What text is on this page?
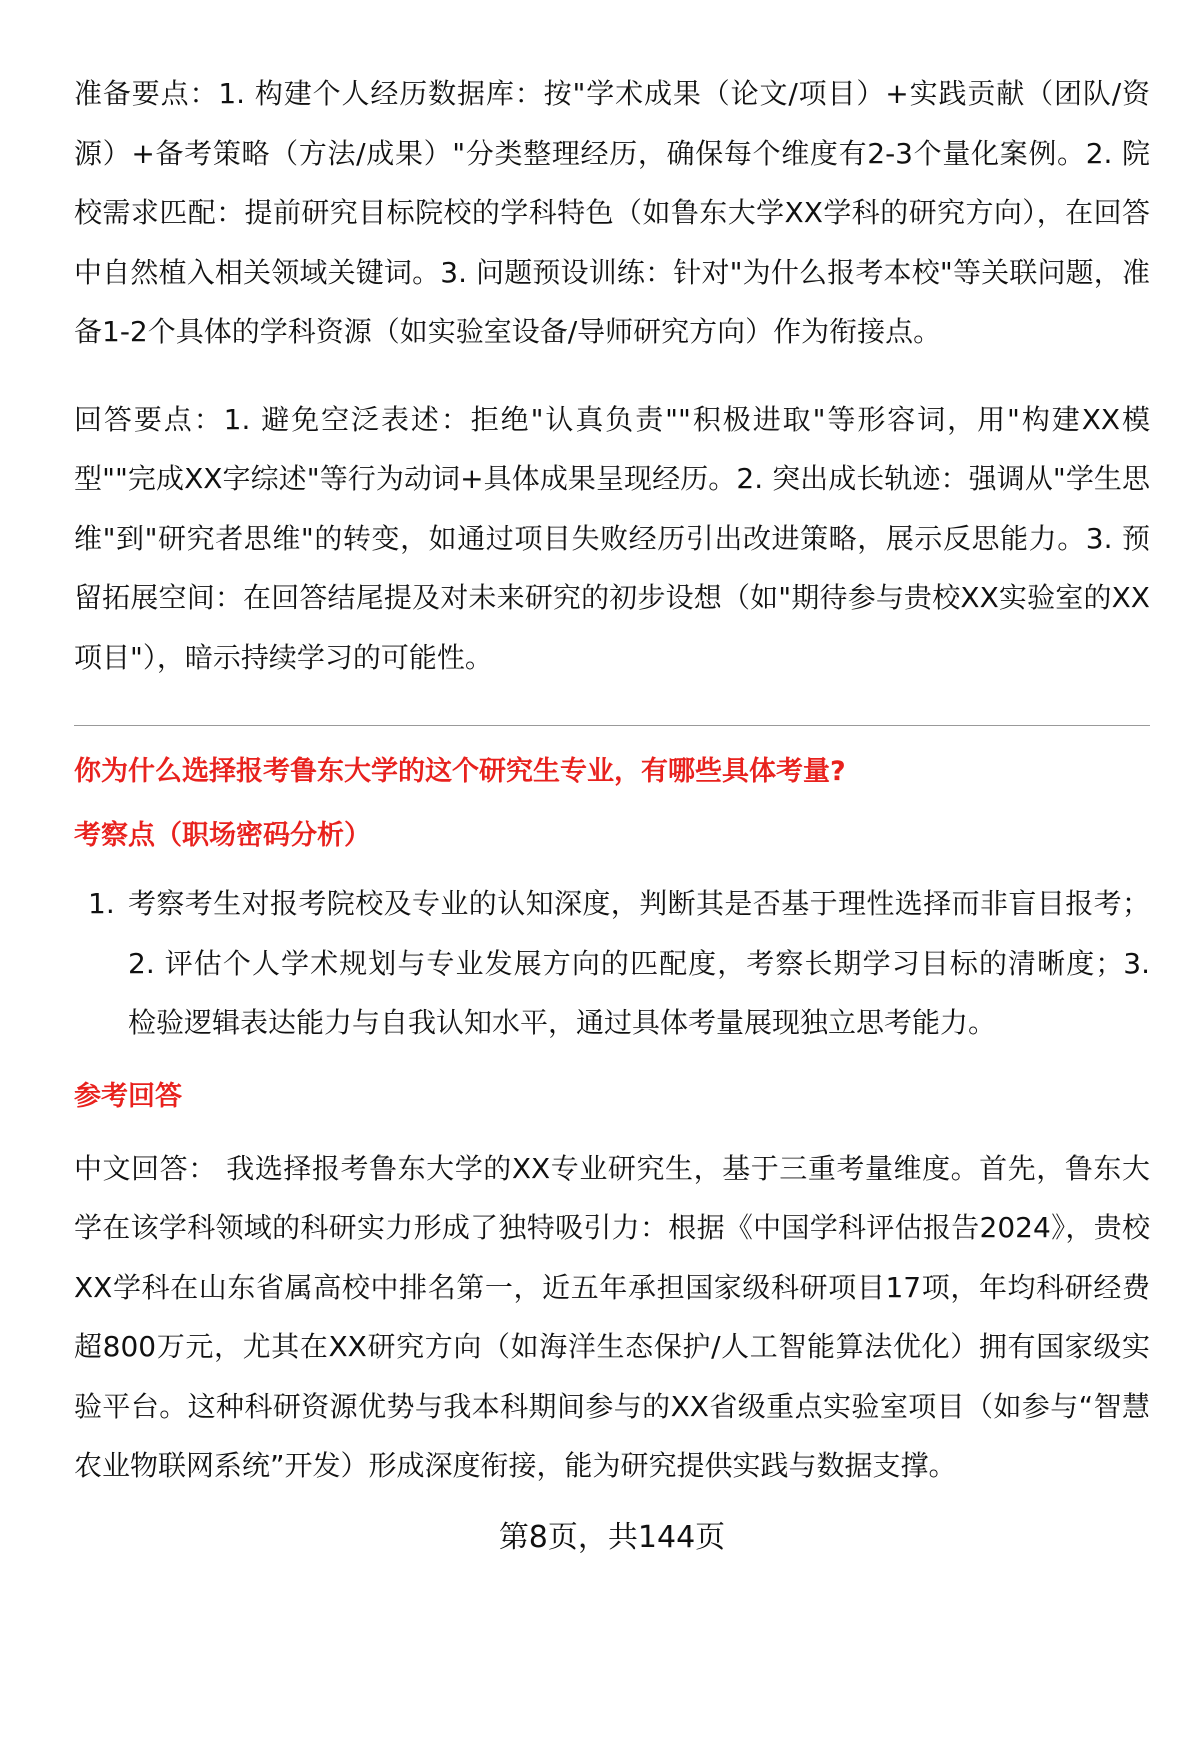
准备要点：1. 构建个人经历数据库：按"学术成果（论文/项目）+实践贡献（团队/资源）+备考策略（方法/成果）"分类整理经历，确保每个维度有2-3个量化案例。2. 院校需求匹配：提前研究目标院校的学科特色（如鲁东大学XX学科的研究方向），在回答中自然植入相关领域关键词。3. 问题预设训练：针对"为什么报考本校"等关联问题，准备1-2个具体的学科资源（如实验室设备/导师研究方向）作为衔接点。

回答要点：1. 避免空泛表述：拒绝"认真负责""积极进取"等形容词，用"构建XX模型""完成XX字综述"等行为动词+具体成果呈现经历。2. 突出成长轨迹：强调从"学生思维"到"研究者思维"的转变，如通过项目失败经历引出改进策略，展示反思能力。3. 预留拓展空间：在回答结尾提及对未来研究的初步设想（如"期待参与贵校XX实验室的XX项目"），暗示持续学习的可能性。

你为什么选择报考鲁东大学的这个研究生专业，有哪些具体考量?

考察点（职场密码分析）

1. 考察考生对报考院校及专业的认知深度，判断其是否基于理性选择而非盲目报考；2. 评估个人学术规划与专业发展方向的匹配度，考察长期学习目标的清晰度；3. 检验逻辑表达能力与自我认知水平，通过具体考量展现独立思考能力。

参考回答

中文回答： 我选择报考鲁东大学的XX专业研究生，基于三重考量维度。首先，鲁东大学在该学科领域的科研实力形成了独特吸引力：根据《中国学科评估报告2024》，贵校XX学科在山东省属高校中排名第一，近五年承担国家级科研项目17项，年均科研经费超800万元，尤其在XX研究方向（如海洋生态保护/人工智能算法优化）拥有国家级实验平台。这种科研资源优势与我本科期间参与的XX省级重点实验室项目（如参与“智慧农业物联网系统”开发）形成深度衔接，能为研究提供实践与数据支撑。

第8页，共144页
